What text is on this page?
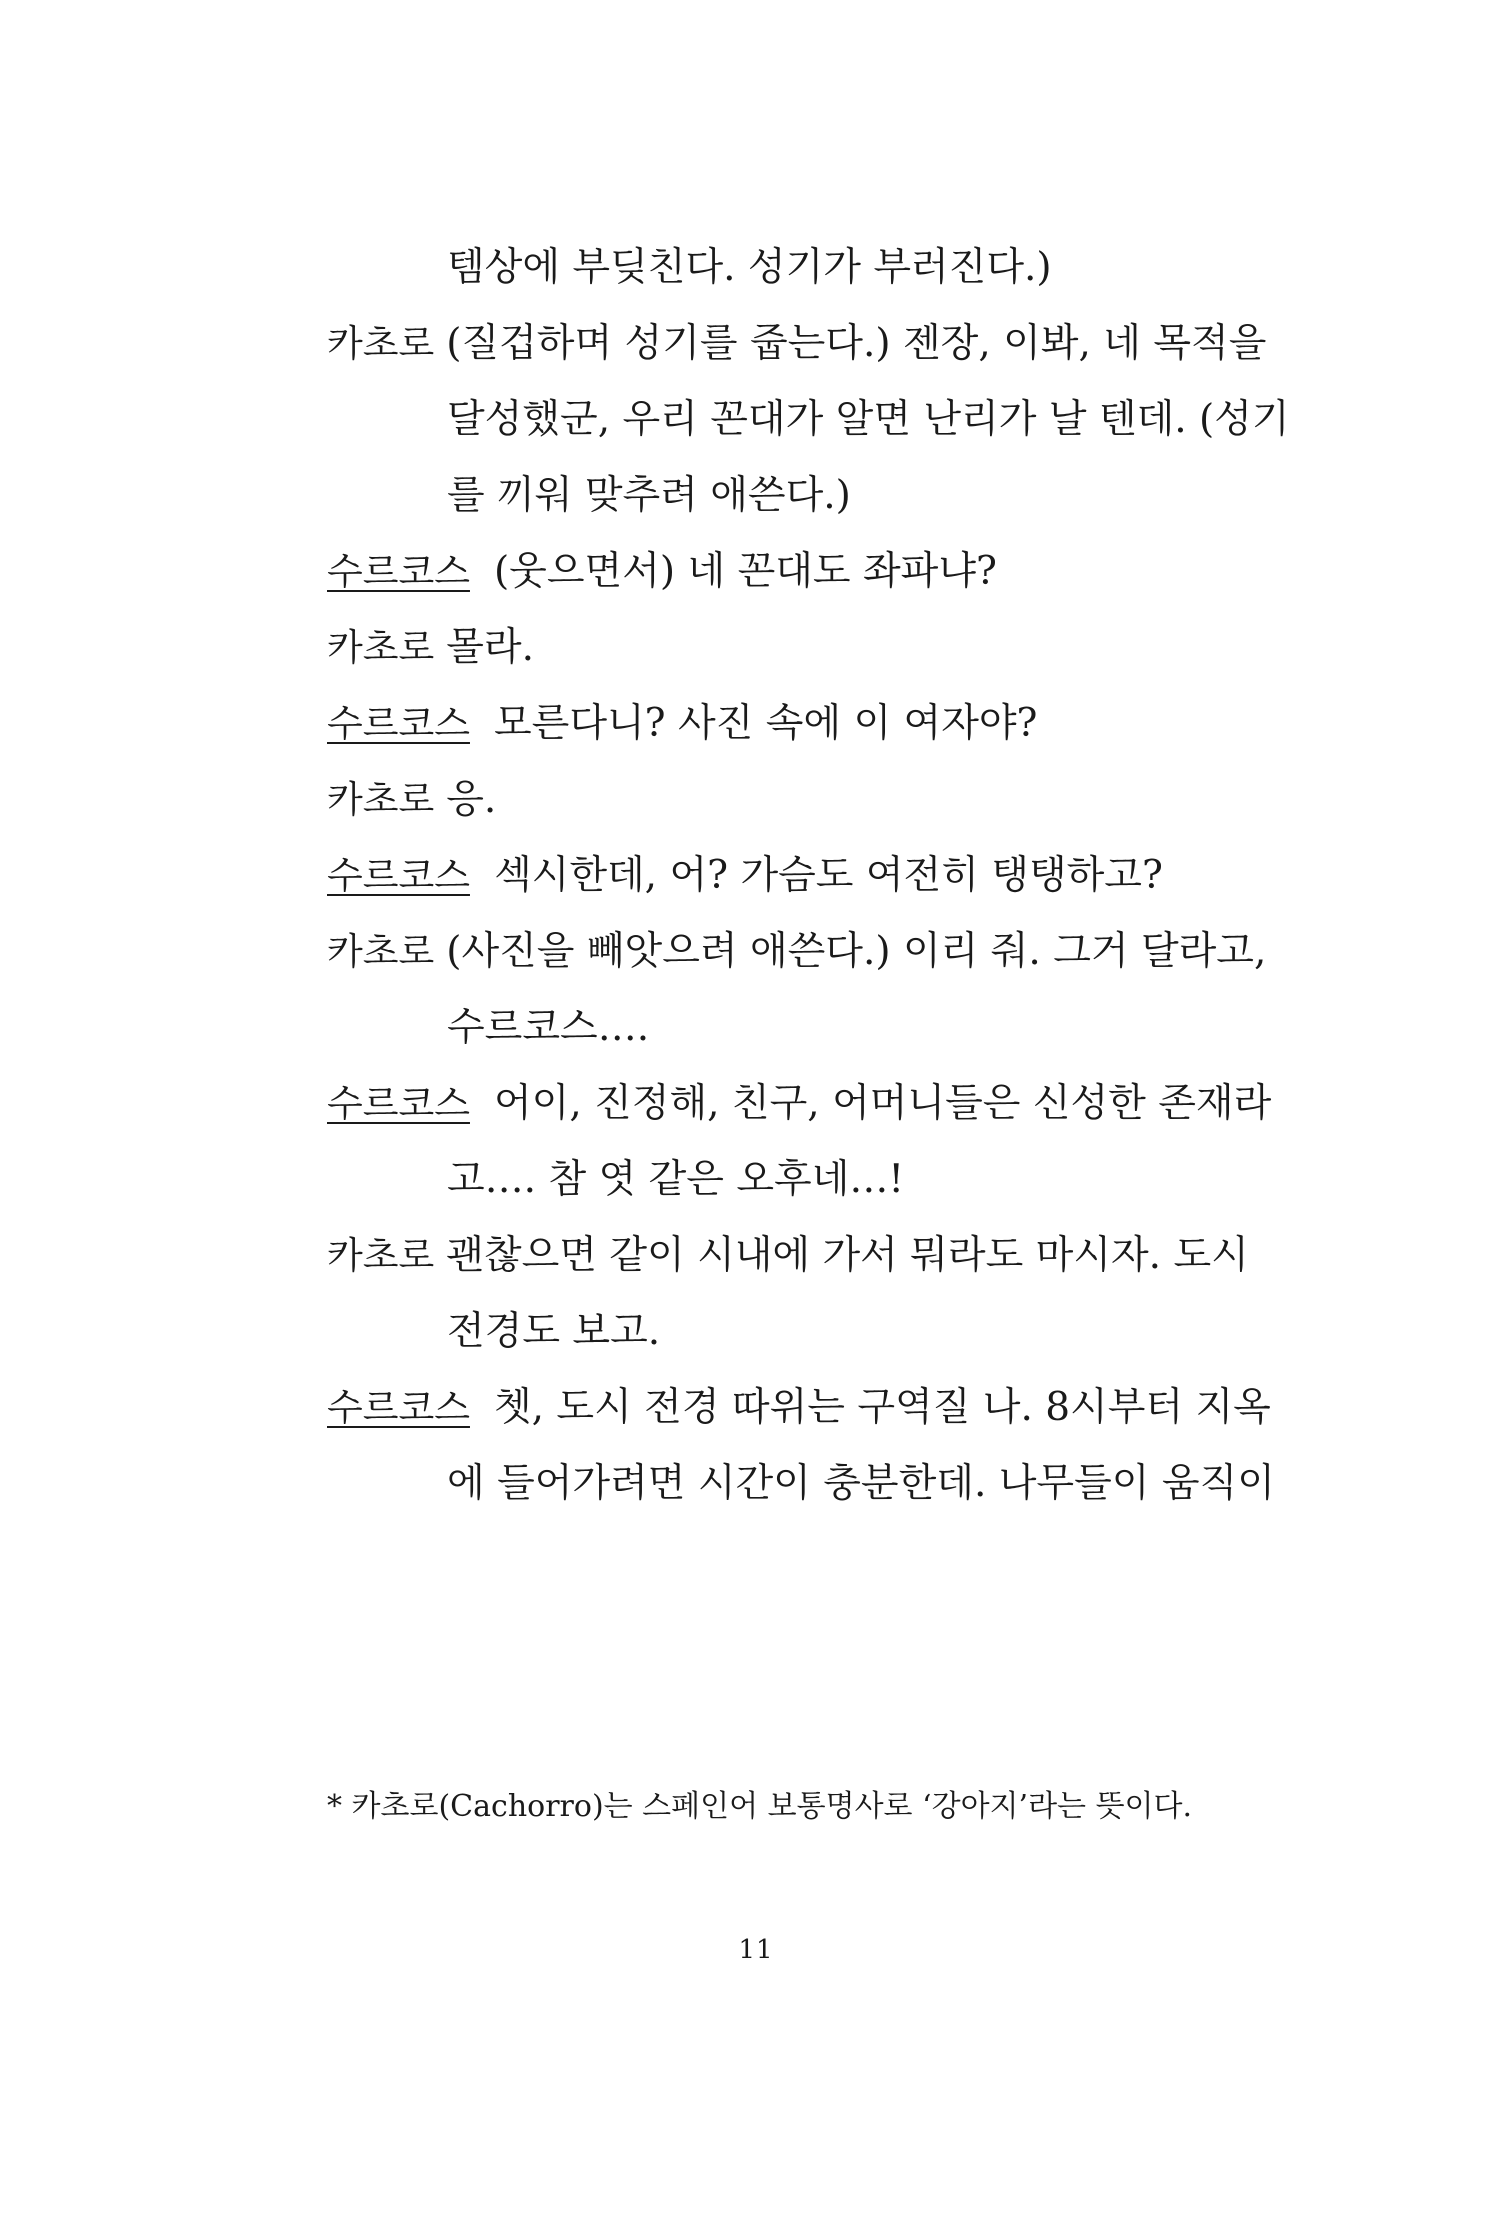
템상에 부딪친다. 성기가 부러진다.)
카초로 (질겁하며 성기를 줍는다.) 젠장, 이봐, 네 목적을
달성했군, 우리 꼰대가 알면 난리가 날 텐데. (성기
를 끼워 맞추려 애쓴다.)
수르코스 (웃으면서) 네 꼰대도 좌파냐?
카초로 몰라.
수르코스 모른다니? 사진 속에 이 여자야?
카초로 응.
수르코스 섹시한데, 어? 가슴도 여전히 탱탱하고?
카초로 (사진을 빼앗으려 애쓴다.) 이리 줘. 그거 달라고,
수르코스….
수르코스 어이, 진정해, 친구, 어머니들은 신성한 존재라
고…. 참 엿 같은 오후네…!
카초로 괜찮으면 같이 시내에 가서 뭐라도 마시자. 도시
전경도 보고.
수르코스 쳇, 도시 전경 따위는 구역질 나. 8시부터 지옥
에 들어가려면 시간이 충분한데. 나무들이 움직이
* 카초로(Cachorro)는 스페인어 보통명사로 ‘강아지’라는 뜻이다.
11
